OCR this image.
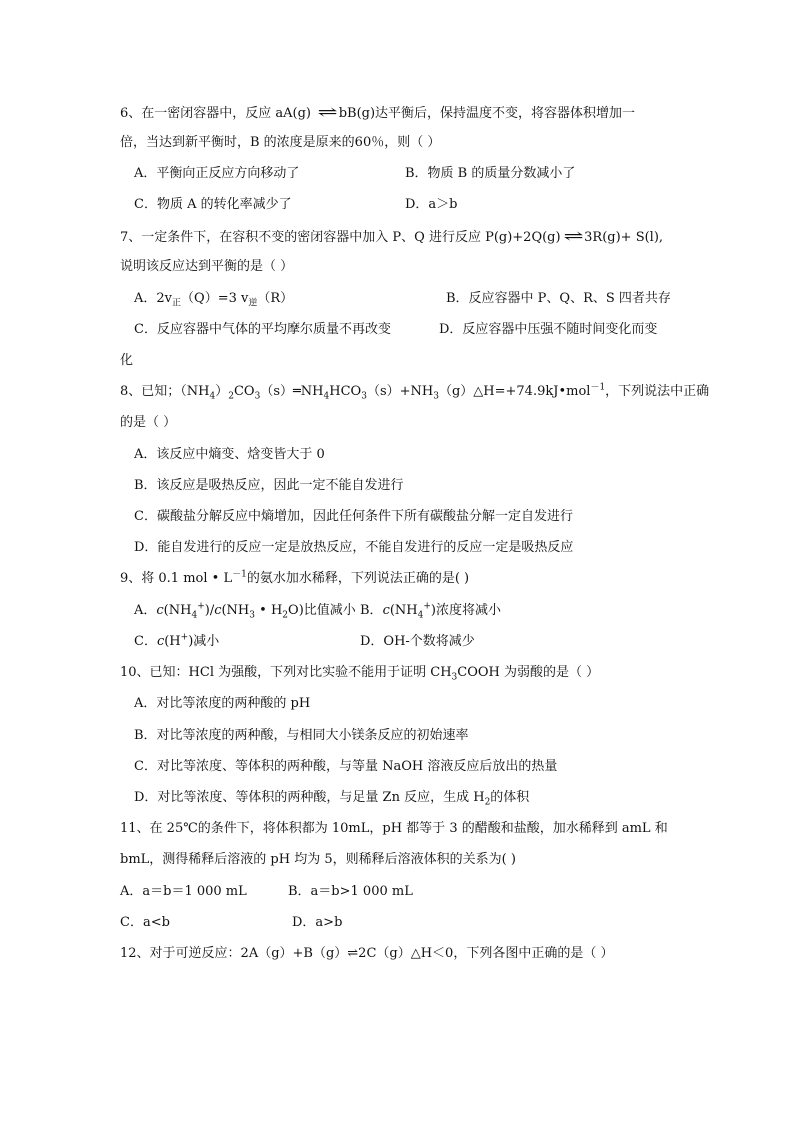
6、在一密闭容器中，反应 aA(g) ⇌ bB(g)达平衡后，保持温度不变，将容器体积增加一
倍，当达到新平衡时，B 的浓度是原来的60％，则（ ）
A．平衡向正反应方向移动了	B．物质 B 的质量分数减小了
C．物质 A 的转化率减少了	D．a＞b
7、一定条件下，在容积不变的密闭容器中加入 P、Q 进行反应 P(g)+2Q(g) ⇌ 3R(g)+ S(l),
说明该反应达到平衡的是（ ）
A．$2v_正(Q)=3$ $v_逆(R)$	B．反应容器中 P、Q、R、S 四者共存
C．反应容器中气体的平均摩尔质量不再改变	D．反应容器中压强不随时间变化而变
化
8、已知；$(NH_4)_2CO_3(s)═NH_4HCO_3(s)+NH_3(g)\triangle H=+74.9kJ•mol^{-1}$，下列说法中正确
的是（ ）
A．该反应中熵变、焓变皆大于 0
B．该反应是吸热反应，因此一定不能自发进行
C．碳酸盐分解反应中熵增加，因此任何条件下所有碳酸盐分解一定自发进行
D．能自发进行的反应一定是放热反应，不能自发进行的反应一定是吸热反应
9、将 0.1 mol • $L^{-1}$的氨水加水稀释，下列说法正确的是( )
A．$c(NH_4^+)/c(NH_3$ • $H_2O$)比值减小 B．$c(NH_4^+)$浓度将减小
C．c(H+)减小	D．OH-个数将减少
10、已知：HCl 为强酸，下列对比实验不能用于证明 $CH_3COOH$ 为弱酸的是（ ）
A．对比等浓度的两种酸的 pH
B．对比等浓度的两种酸，与相同大小镁条反应的初始速率
C．对比等浓度、等体积的两种酸，与等量 NaOH 溶液反应后放出的热量
D．对比等浓度、等体积的两种酸，与足量 Zn 反应，生成 $H_2$的体积
11、在 25℃的条件下，将体积都为 10mL，pH 都等于 3 的醋酸和盐酸，加水稀释到 amL 和
bmL，测得稀释后溶液的 pH 均为 5，则稀释后溶液体积的关系为( )
A．a＝b＝1 000 mL	B．a＝b>1 000 mL
C．a<b	D．a>b
12、对于可逆反应：2A（g）+B（g）⇌2C（g）△H＜0，下列各图中正确的是（ ）
